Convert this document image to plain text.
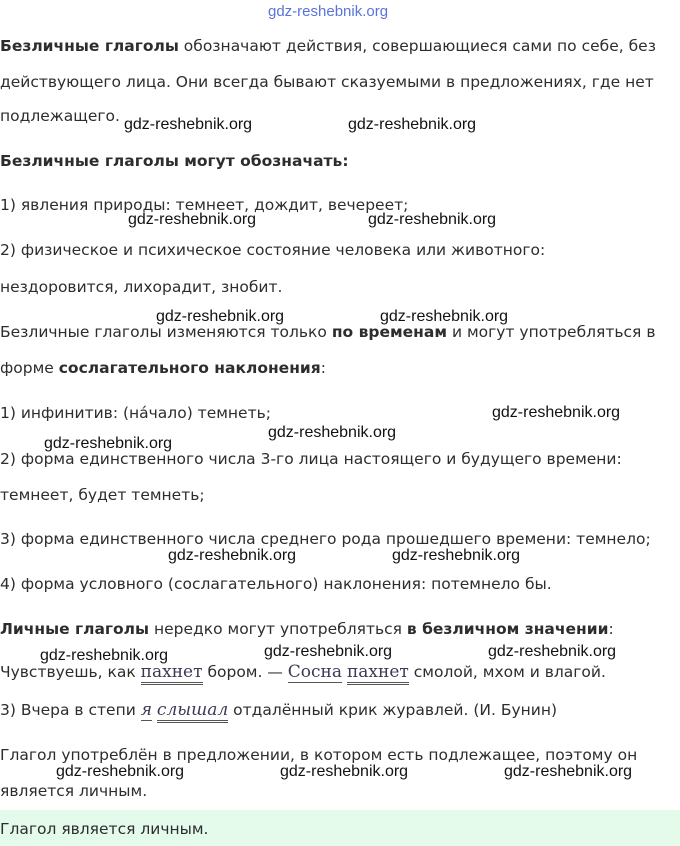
gdz-reshebnik.org
Безличные глаголы обозначают действия, совершающиеся сами по себе, без
действующего лица. Они всегда бывают сказуемыми в предложениях, где нет
подлежащего. gdz-reshebnik.org	gdz-reshebnik.org
Безличные глаголы могут обозначать:
1) явления природы: темнеет, дождит, вечереет;
gdz-reshebnik.org	gdz-reshebnik.org
2) физическое и психическое состояние человека или животного:
нездоровится, лихорадит, знобит.
gdz-reshebnik.org	gdz-reshebnik.org
Безличные глаголы изменяются только по временам и могут употребляться в
форме сослагательного наклонения:
1) инфинитив: (на́чало) темнеть;	gdz-reshebnik.org
gdz-reshebnik.org
gdz-reshebnik.org
2) форма единственного числа 3-го лица настоящего и будущего времени:
темнеет, будет темнеть;
3) форма единственного числа среднего рода прошедшего времени: темнело;
gdz-reshebnik.org	gdz-reshebnik.org
4) форма условного (сослагательного) наклонения: потемнело бы.
Личные глаголы нередко могут употребляться в безличном значении:
gdz-reshebnik.org	gdz-reshebnik.org	gdz-reshebnik.org
Чувствуешь, как пахнет бором. — Сосна пахнет смолой, мхом и влагой.
3) Вчера в степи я слышал отдалённый крик журавлей. (И. Бунин)
Глагол употреблён в предложении, в котором есть подлежащее, поэтому он
gdz-reshebnik.org	gdz-reshebnik.org	gdz-reshebnik.org
является личным.
Глагол является личным.
